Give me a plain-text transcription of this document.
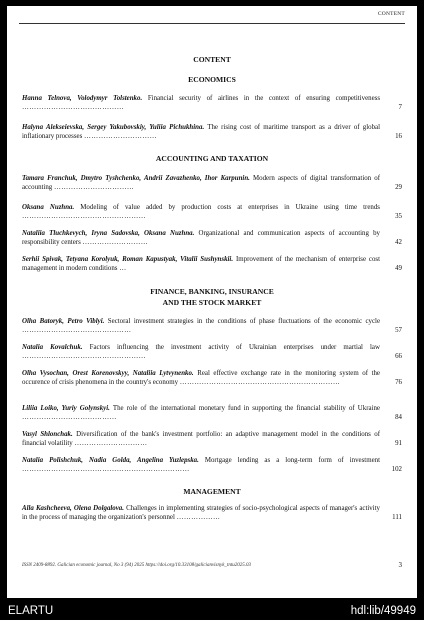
CONTENT
CONTENT
ECONOMICS
Hanna Telnova, Volodymyr Tolstenko. Financial security of airlines in the context of ensuring competitiveness ……………………………………	7
Halyna Alekseievska, Sergey Yakubovskiy, Yuliia Pichukhina. The rising cost of maritime transport as a driver of global inflationary processes …………………………	16
ACCOUNTING AND TAXATION
Tamara Franchuk, Dmytro Tyshchenko, Andrii Zavazhenko, Ihor Karpunin. Modern aspects of digital transformation of accounting ……………………………	29
Oksana Nuzhna. Modeling of value added by production costs at enterprises in Ukraine using time trends ……………………………………………	35
Nataliia Tluchkevych, Iryna Sadovska, Oksana Nuzhna. Organizational and communication aspects of accounting by responsibility centers ………………………	42
Serhii Spivak, Tetyana Korolyuk, Roman Kapustyak, Vitalii Sushynskii. Improvement of the mechanism of enterprise cost management in modern conditions …	49
FINANCE, BANKING, INSURANCE
AND THE STOCK MARKET
Olha Batoryk, Petro Viblyi. Sectoral investment strategies in the conditions of phase fluctuations of the economic cycle ………………………………………	57
Natalia Kovalchuk. Factors influencing the investment activity of Ukrainian enterprises under martial law ……………………………………………	66
Olha Vysochan, Orest Korenovskyy, Nataliia Lytvynenko. Real effective exchange rate in the monitoring system of the occurence of crisis phenomena in the country's economy …………………………………………………………	76
Liliia Loiko, Yuriy Golynskyi. The role of the international monetary fund in supporting the financial stability of Ukraine …………………………………	84
Vasyl Shlonchak. Diversification of the bank's investment portfolio: an adaptive management model in the conditions of financial volatility …………………………	91
Natalia Polishchuk, Nadia Golda, Angelina Yuzlepska. Mortgage lending as a long-term form of investment ……………………………………………………………	102
MANAGEMENT
Alla Kashcheeva, Olena Dolgalova. Challenges in implementing strategies of socio-psychological aspects of manager's activity in the process of managing the organization's personnel ………………	111
ISSN 2409-8892. Galician economic journal, No 3 (94) 2025 https://doi.org/10.33108/galicianvisnyk_tntu2025.03	3
ELARTU	hdl:lib/49949
